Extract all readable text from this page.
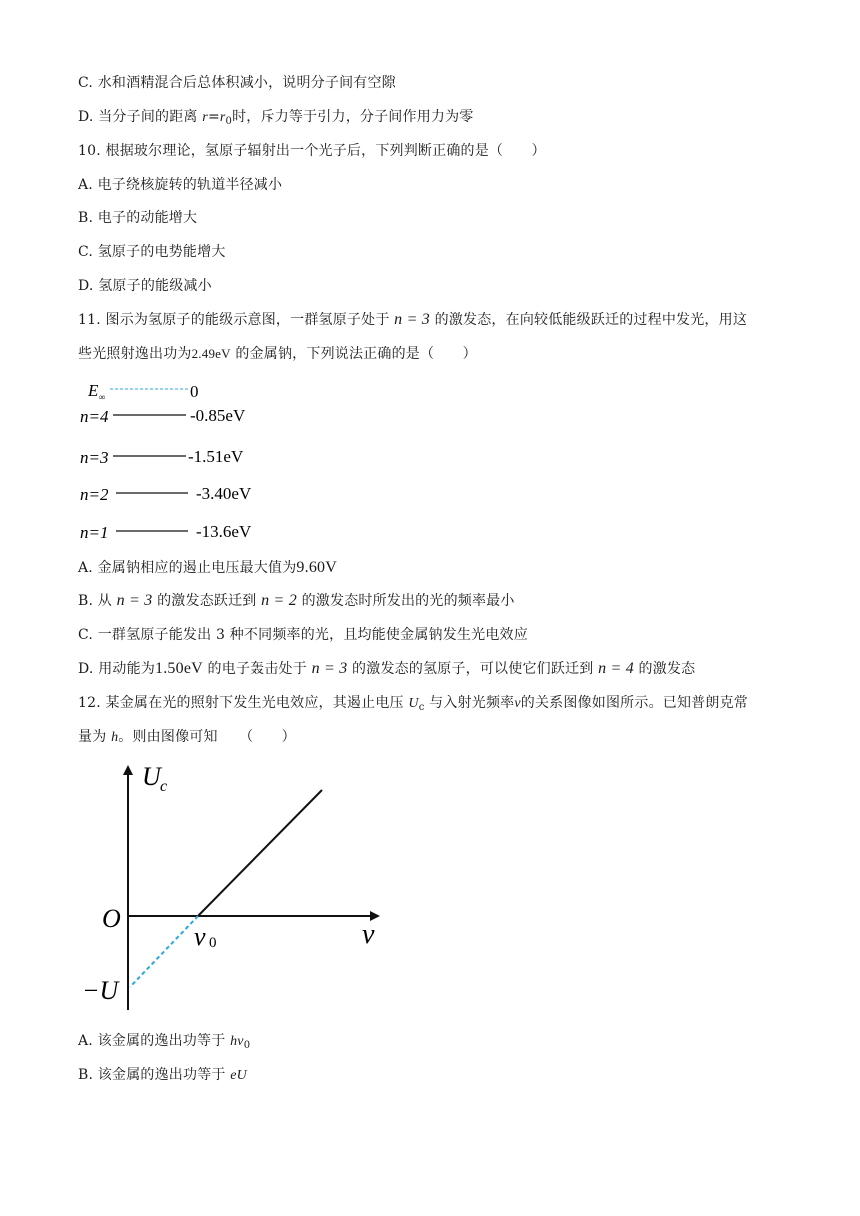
C. 水和酒精混合后总体积减小，说明分子间有空隙
D. 当分子间的距离 $r=r_0$时，斥力等于引力，分子间作用力为零
10. 根据玻尔理论，氢原子辐射出一个光子后，下列判断正确的是（　　）
A. 电子绕核旋转的轨道半径减小
B. 电子的动能增大
C. 氢原子的电势能增大
D. 氢原子的能级减小
11. 图示为氢原子的能级示意图，一群氢原子处于 n = 3 的激发态，在向较低能级跃迁的过程中发光，用这
些光照射逸出功为2.49eV 的金属钠，下列说法正确的是（　　）
E ∞	0
n=4	-0.85eV
n=3	-1.51eV
n=2	-3.40eV
n=1	-13.6eV
A. 金属钠相应的遏止电压最大值为9.60V
B. 从 n = 3 的激发态跃迁到 n = 2 的激发态时所发出的光的频率最小
C. 一群氢原子能发出 3 种不同频率的光，且均能使金属钠发生光电效应
D. 用动能为1.50eV 的电子轰击处于 n = 3 的激发态的氢原子，可以使它们跃迁到 n = 4 的激发态
12. 某金属在光的照射下发生光电效应，其遏止电压 $U_c$ 与入射光频率ν的关系图像如图所示。已知普朗克常
量为 h。则由图像可知　　（　　）
U c
O
ν 0	ν
−U
A. 该金属的逸出功等于 $h\nu_0$
B. 该金属的逸出功等于 eU
